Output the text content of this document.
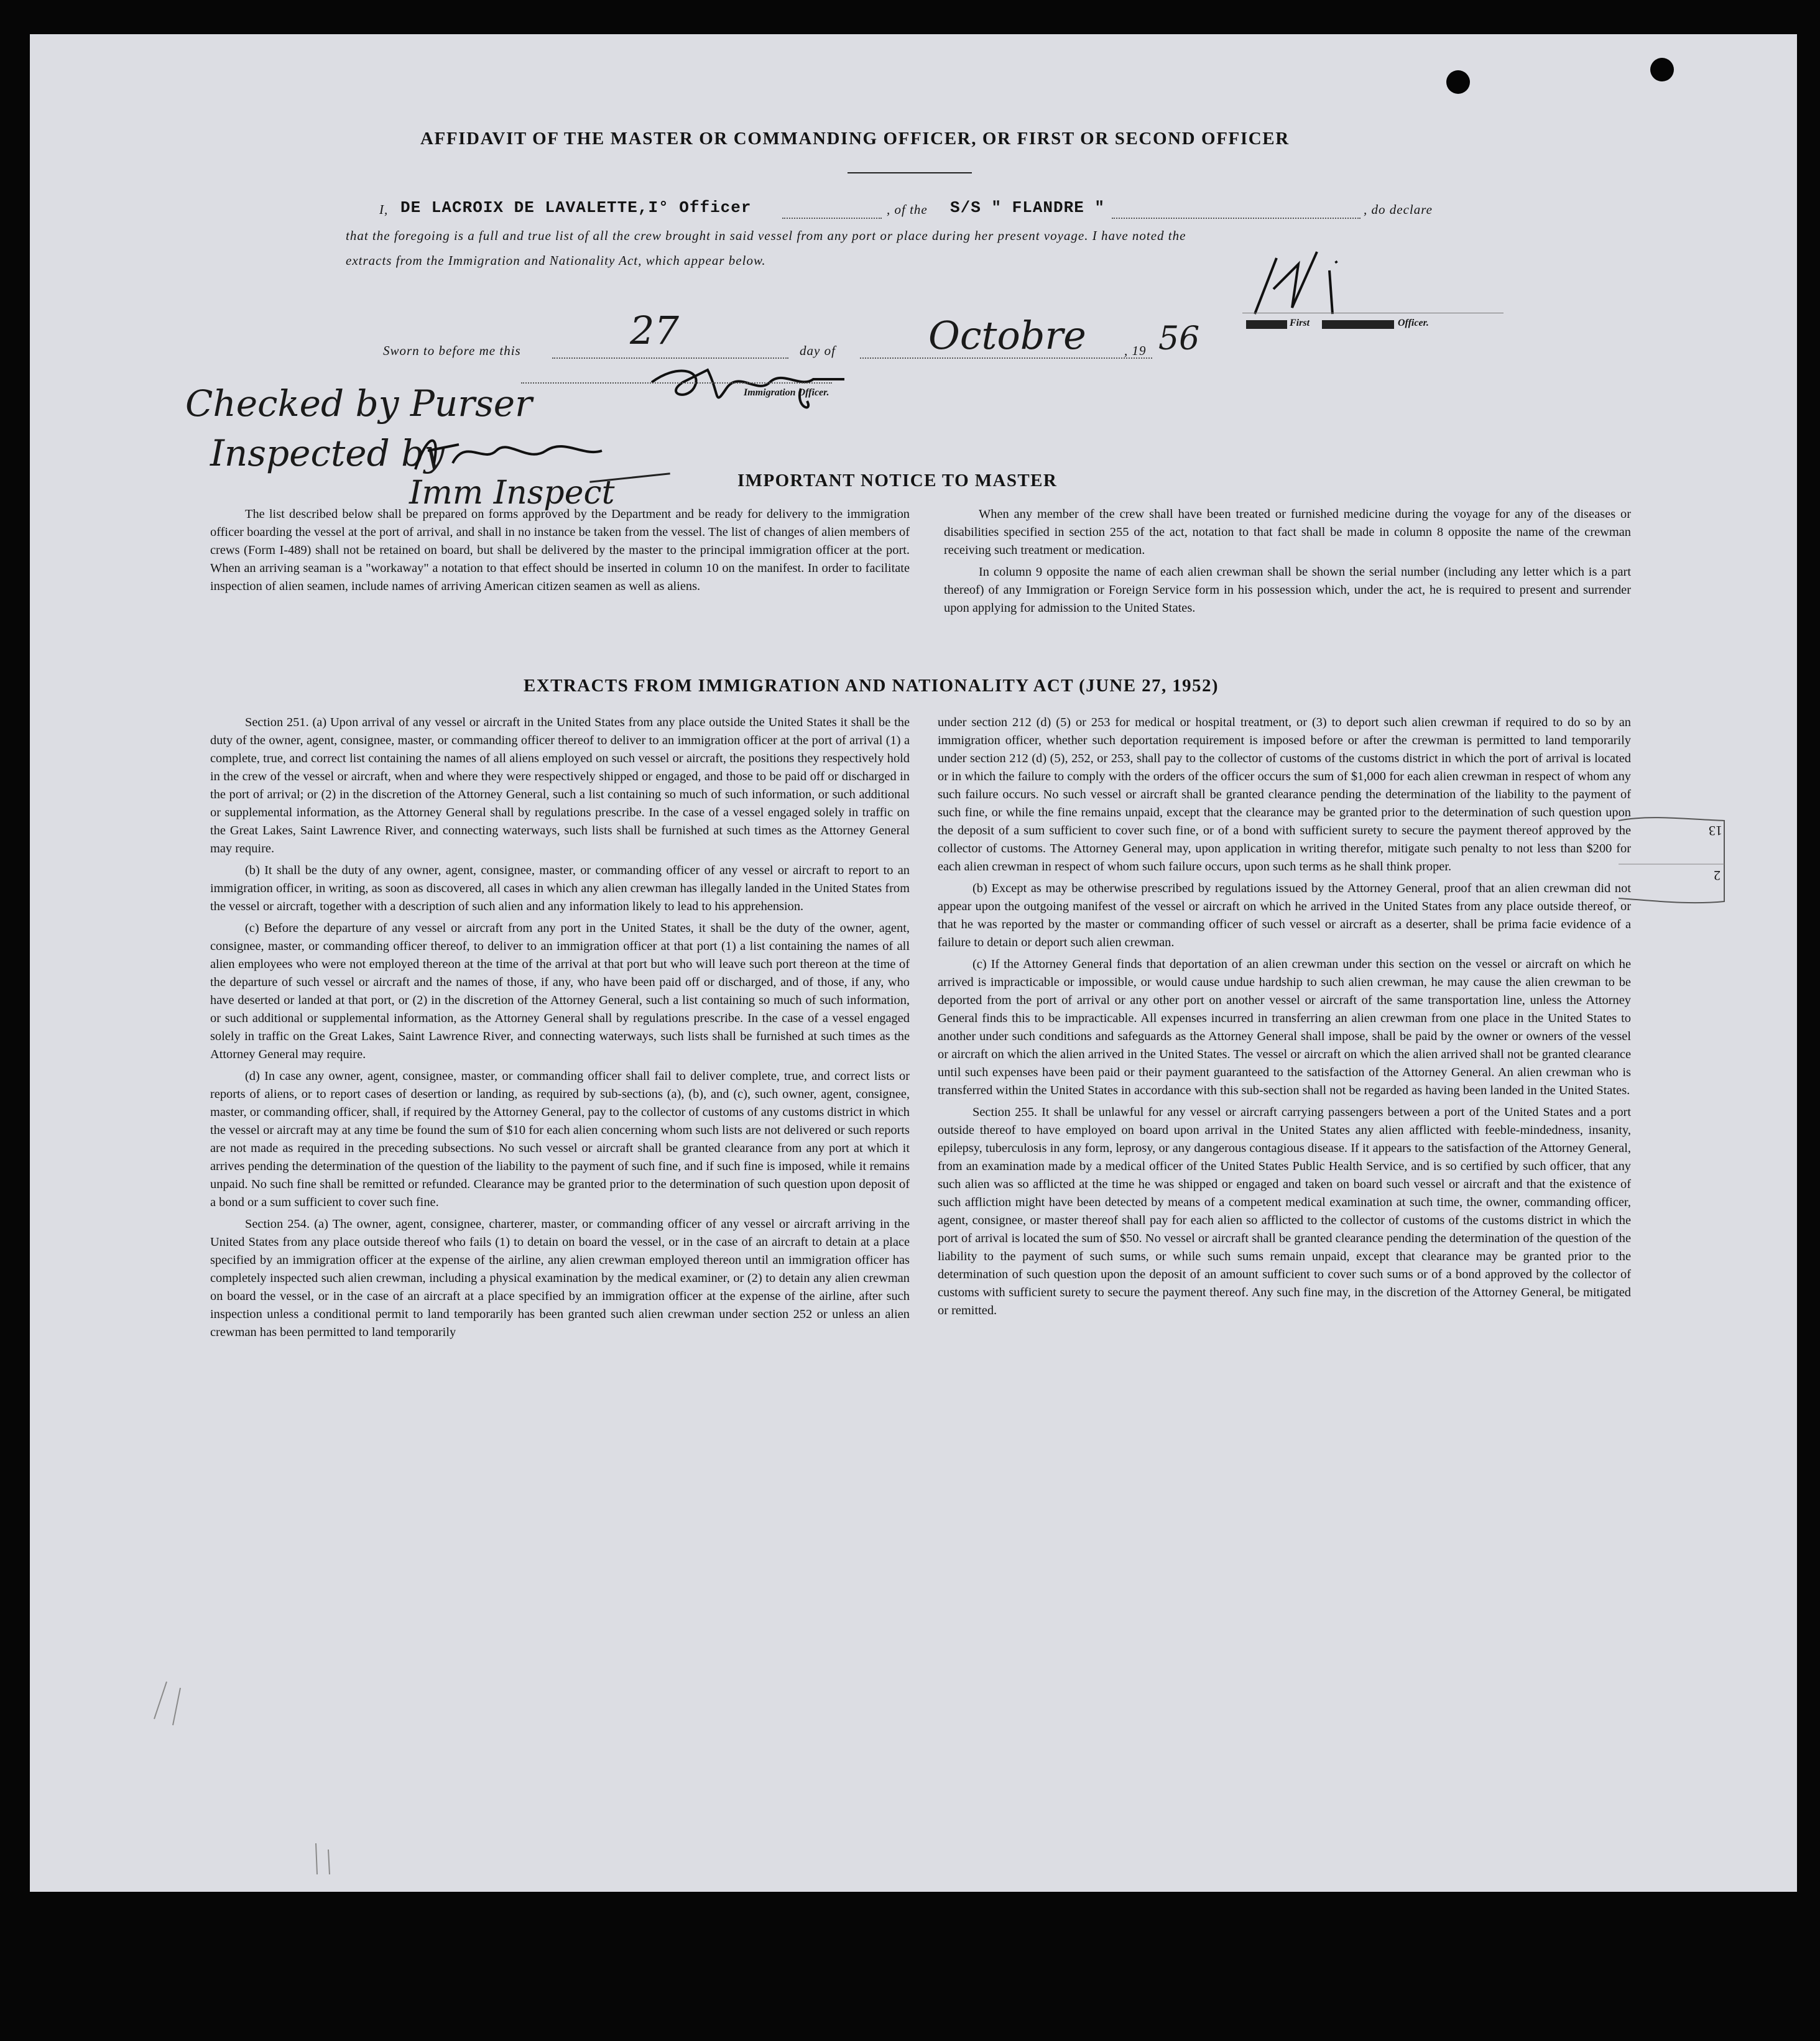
AFFIDAVIT OF THE MASTER OR COMMANDING OFFICER, OR FIRST OR SECOND OFFICER
I, DE LACROIX DE LAVALETTE,I° Officer	, of the S/S " FLANDRE "	, do declare
that the foregoing is a full and true list of all the crew brought in said vessel from any port or place during her present voyage. I have noted the
extracts from the Immigration and Nationality Act, which appear below.
First	Officer.
Sworn to before me this	27	day of Octobre	, 19 56
Immigration Officer.
Checked by Purser
Inspected by
Imm Inspect	IMPORTANT NOTICE TO MASTER

The list described below shall be prepared on forms approved by the Department and be ready for delivery to the immigration officer boarding the vessel at the port of arrival, and shall in no instance be taken from the vessel. The list of changes of alien members of crews (Form I-489) shall not be retained on board, but shall be delivered by the master to the principal immigration officer at the port. When an arriving seaman is a "workaway" a notation to that effect should be inserted in column 10 on the manifest. In order to facilitate inspection of alien seamen, include names of arriving American citizen seamen as well as aliens.

When any member of the crew shall have been treated or furnished medicine during the voyage for any of the diseases or disabilities specified in section 255 of the act, notation to that fact shall be made in column 8 opposite the name of the crewman receiving such treatment or medication.

In column 9 opposite the name of each alien crewman shall be shown the serial number (including any letter which is a part thereof) of any Immigration or Foreign Service form in his possession which, under the act, he is required to present and surrender upon applying for admission to the United States.

EXTRACTS FROM IMMIGRATION AND NATIONALITY ACT (JUNE 27, 1952)

Section 251. (a) Upon arrival of any vessel or aircraft in the United States from any place outside the United States it shall be the duty of the owner, agent, consignee, master, or commanding officer thereof to deliver to an immigration officer at the port of arrival (1) a complete, true, and correct list containing the names of all aliens employed on such vessel or aircraft, the positions they respectively hold in the crew of the vessel or aircraft, when and where they were respectively shipped or engaged, and those to be paid off or discharged in the port of arrival; or (2) in the discretion of the Attorney General, such a list containing so much of such information, or such additional or supplemental information, as the Attorney General shall by regulations prescribe. In the case of a vessel engaged solely in traffic on the Great Lakes, Saint Lawrence River, and connecting waterways, such lists shall be furnished at such times as the Attorney General may require.

(b) It shall be the duty of any owner, agent, consignee, master, or commanding officer of any vessel or aircraft to report to an immigration officer, in writing, as soon as discovered, all cases in which any alien crewman has illegally landed in the United States from the vessel or aircraft, together with a description of such alien and any information likely to lead to his apprehension.

(c) Before the departure of any vessel or aircraft from any port in the United States, it shall be the duty of the owner, agent, consignee, master, or commanding officer thereof, to deliver to an immigration officer at that port (1) a list containing the names of all alien employees who were not employed thereon at the time of the arrival at that port but who will leave such port thereon at the time of the departure of such vessel or aircraft and the names of those, if any, who have been paid off or discharged, and of those, if any, who have deserted or landed at that port, or (2) in the discretion of the Attorney General, such a list containing so much of such information, or such additional or supplemental information, as the Attorney General shall by regulations prescribe. In the case of a vessel engaged solely in traffic on the Great Lakes, Saint Lawrence River, and connecting waterways, such lists shall be furnished at such times as the Attorney General may require.

(d) In case any owner, agent, consignee, master, or commanding officer shall fail to deliver complete, true, and correct lists or reports of aliens, or to report cases of desertion or landing, as required by sub-sections (a), (b), and (c), such owner, agent, consignee, master, or commanding officer, shall, if required by the Attorney General, pay to the collector of customs of any customs district in which the vessel or aircraft may at any time be found the sum of $10 for each alien concerning whom such lists are not delivered or such reports are not made as required in the preceding subsections. No such vessel or aircraft shall be granted clearance from any port at which it arrives pending the determination of the question of the liability to the payment of such fine, and if such fine is imposed, while it remains unpaid. No such fine shall be remitted or refunded. Clearance may be granted prior to the determination of such question upon deposit of a bond or a sum sufficient to cover such fine.

Section 254. (a) The owner, agent, consignee, charterer, master, or commanding officer of any vessel or aircraft arriving in the United States from any place outside thereof who fails (1) to detain on board the vessel, or in the case of an aircraft to detain at a place specified by an immigration officer at the expense of the airline, any alien crewman employed thereon until an immigration officer has completely inspected such alien crewman, including a physical examination by the medical examiner, or (2) to detain any alien crewman on board the vessel, or in the case of an aircraft at a place specified by an immigration officer at the expense of the airline, after such inspection unless a conditional permit to land temporarily has been granted such alien crewman under section 252 or unless an alien crewman has been permitted to land temporarily

under section 212 (d) (5) or 253 for medical or hospital treatment, or (3) to deport such alien crewman if required to do so by an immigration officer, whether such deportation requirement is imposed before or after the crewman is permitted to land temporarily under section 212 (d) (5), 252, or 253, shall pay to the collector of customs of the customs district in which the port of arrival is located or in which the failure to comply with the orders of the officer occurs the sum of $1,000 for each alien crewman in respect of whom any such failure occurs. No such vessel or aircraft shall be granted clearance pending the determination of the liability to the payment of such fine, or while the fine remains unpaid, except that the clearance may be granted prior to the determination of such question upon the deposit of a sum sufficient to cover such fine, or of a bond with sufficient surety to secure the payment thereof approved by the collector of customs. The Attorney General may, upon application in writing therefor, mitigate such penalty to not less than $200 for each alien crewman in respect of whom such failure occurs, upon such terms as he shall think proper.

(b) Except as may be otherwise prescribed by regulations issued by the Attorney General, proof that an alien crewman did not appear upon the outgoing manifest of the vessel or aircraft on which he arrived in the United States from any place outside thereof, or that he was reported by the master or commanding officer of such vessel or aircraft as a deserter, shall be prima facie evidence of a failure to detain or deport such alien crewman.

(c) If the Attorney General finds that deportation of an alien crewman under this section on the vessel or aircraft on which he arrived is impracticable or impossible, or would cause undue hardship to such alien crewman, he may cause the alien crewman to be deported from the port of arrival or any other port on another vessel or aircraft of the same transportation line, unless the Attorney General finds this to be impracticable. All expenses incurred in transferring an alien crewman from one place in the United States to another under such conditions and safeguards as the Attorney General shall impose, shall be paid by the owner or owners of the vessel or aircraft on which the alien arrived in the United States. The vessel or aircraft on which the alien arrived shall not be granted clearance until such expenses have been paid or their payment guaranteed to the satisfaction of the Attorney General. An alien crewman who is transferred within the United States in accordance with this sub-section shall not be regarded as having been landed in the United States.

Section 255. It shall be unlawful for any vessel or aircraft carrying passengers between a port of the United States and a port outside thereof to have employed on board upon arrival in the United States any alien afflicted with feeble-mindedness, insanity, epilepsy, tuberculosis in any form, leprosy, or any dangerous contagious disease. If it appears to the satisfaction of the Attorney General, from an examination made by a medical officer of the United States Public Health Service, and is so certified by such officer, that any such alien was so afflicted at the time he was shipped or engaged and taken on board such vessel or aircraft and that the existence of such affliction might have been detected by means of a competent medical examination at such time, the owner, commanding officer, agent, consignee, or master thereof shall pay for each alien so afflicted to the collector of customs of the customs district in which the port of arrival is located the sum of $50. No vessel or aircraft shall be granted clearance pending the determination of the question of the liability to the payment of such sums, or while such sums remain unpaid, except that clearance may be granted prior to the determination of such question upon the deposit of an amount sufficient to cover such sums or of a bond approved by the collector of customs with sufficient surety to secure the payment thereof. Any such fine may, in the discretion of the Attorney General, be mitigated or remitted.

13
2
